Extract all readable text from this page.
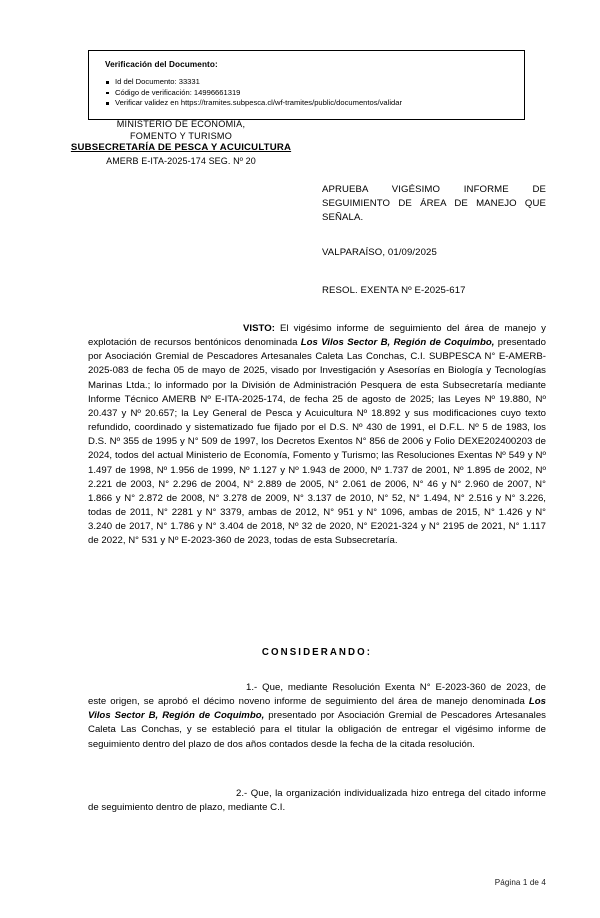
Verificación del Documento:
Id del Documento: 33331
Código de verificación: 14996661319
Verificar validez en https://tramites.subpesca.cl/wf-tramites/public/documentos/validar
MINISTERIO DE ECONOMÍA,
FOMENTO Y TURISMO
SUBSECRETARÍA DE PESCA Y ACUICULTURA
AMERB E-ITA-2025-174 SEG. Nº 20
APRUEBA VIGÉSIMO INFORME DE SEGUIMIENTO DE ÁREA DE MANEJO QUE SEÑALA.
VALPARAÍSO, 01/09/2025
RESOL. EXENTA Nº E-2025-617
VISTO: El vigésimo informe de seguimiento del área de manejo y explotación de recursos bentónicos denominada Los Vilos Sector B, Región de Coquimbo, presentado por Asociación Gremial de Pescadores Artesanales Caleta Las Conchas, C.I. SUBPESCA N° E-AMERB-2025-083 de fecha 05 de mayo de 2025, visado por Investigación y Asesorías en Biología y Tecnologías Marinas Ltda.; lo informado por la División de Administración Pesquera de esta Subsecretaría mediante Informe Técnico AMERB Nº E-ITA-2025-174, de fecha 25 de agosto de 2025; las Leyes Nº 19.880, Nº 20.437 y Nº 20.657; la Ley General de Pesca y Acuicultura Nº 18.892 y sus modificaciones cuyo texto refundido, coordinado y sistematizado fue fijado por el D.S. Nº 430 de 1991, el D.F.L. Nº 5 de 1983, los D.S. Nº 355 de 1995 y N° 509 de 1997, los Decretos Exentos N° 856 de 2006 y Folio DEXE202400203 de 2024, todos del actual Ministerio de Economía, Fomento y Turismo; las Resoluciones Exentas Nº 549 y Nº 1.497 de 1998, Nº 1.956 de 1999, Nº 1.127 y Nº 1.943 de 2000, Nº 1.737 de 2001, Nº 1.895 de 2002, Nº 2.221 de 2003, N° 2.296 de 2004, N° 2.889 de 2005, N° 2.061 de 2006, N° 46 y N° 2.960 de 2007, N° 1.866 y N° 2.872 de 2008, N° 3.278 de 2009, N° 3.137 de 2010, N° 52, N° 1.494, N° 2.516 y N° 3.226, todas de 2011, N° 2281 y N° 3379, ambas de 2012, N° 951 y N° 1096, ambas de 2015, N° 1.426 y N° 3.240 de 2017, N° 1.786 y N° 3.404 de 2018, Nº 32 de 2020, N° E2021-324 y N° 2195 de 2021, N° 1.117 de 2022, N° 531 y Nº E-2023-360 de 2023, todas de esta Subsecretaría.
CONSIDERANDO:
1.- Que, mediante Resolución Exenta N° E-2023-360 de 2023, de este origen, se aprobó el décimo noveno informe de seguimiento del área de manejo denominada Los Vilos Sector B, Región de Coquimbo, presentado por Asociación Gremial de Pescadores Artesanales Caleta Las Conchas, y se estableció para el titular la obligación de entregar el vigésimo informe de seguimiento dentro del plazo de dos años contados desde la fecha de la citada resolución.
2.- Que, la organización individualizada hizo entrega del citado informe de seguimiento dentro de plazo, mediante C.I.
Página 1 de 4
